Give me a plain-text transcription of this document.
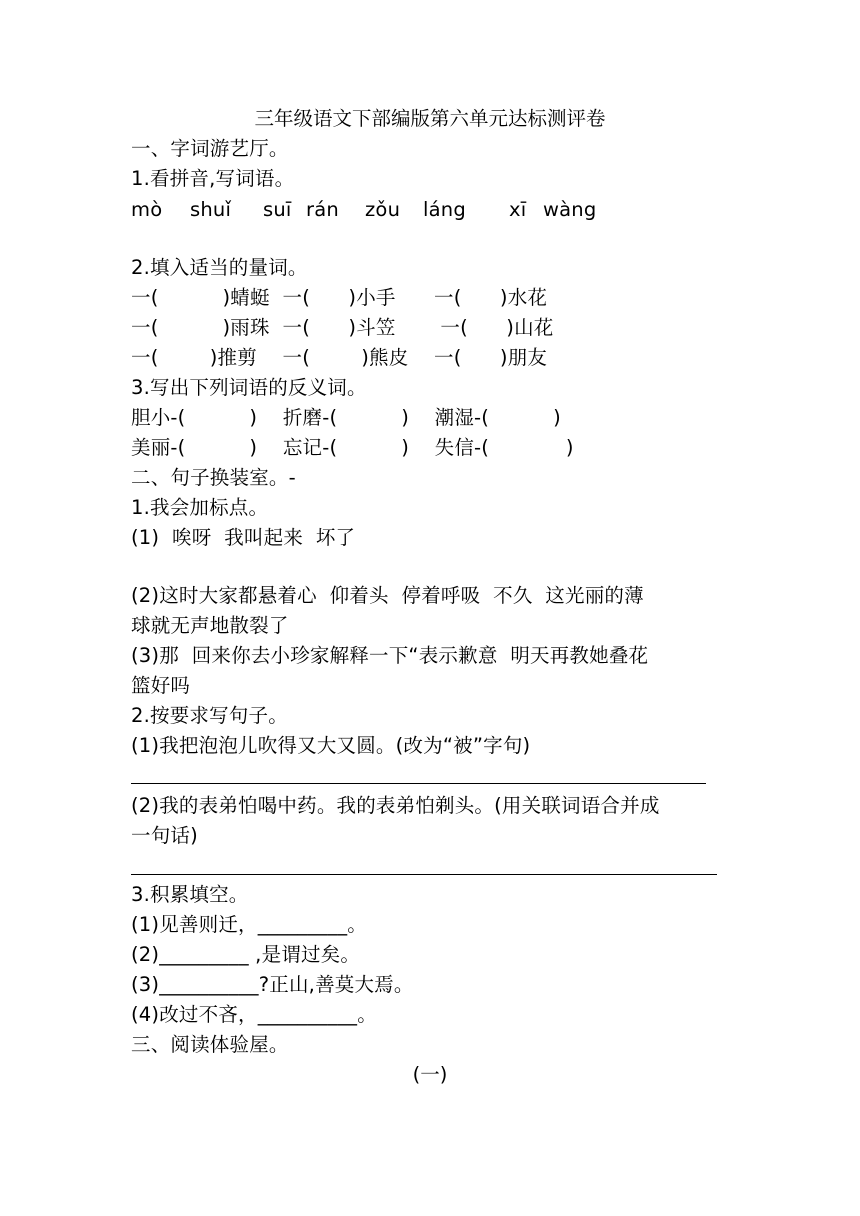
三年级语文下部编版第六单元达标测评卷
一、字词游艺厅。
1.看拼音,写词语。

mò

shuǐ

suī

rán

zǒu

láng

xī

wàng

2.填入适当的量词。
一(          )蜻蜓  一(      )小手      一(      )水花
一(          )雨珠  一(      )斗笠       一(      )山花
一(        )推剪    一(        )熊皮    一(      )朋友
3.写出下列词语的反义词。
胆小-(          )    折磨-(          )    潮湿-(          )
美丽-(          )    忘记-(          )    失信-(            )
二、句子换装室。-
1.我会加标点。
(1)  唉呀  我叫起来  坏了
(2)这时大家都悬着心  仰着头  停着呼吸  不久  这光丽的薄
球就无声地散裂了
(3)那  回来你去小珍家解释一下“表示歉意  明天再教她叠花
篮好吗
2.按要求写句子。
(1)我把泡泡儿吹得又大又圆。(改为“被”字句)
(2)我的表弟怕喝中药。我的表弟怕剃头。(用关联词语合并成
一句话)
3.积累填空。
(1)见善则迁，_________。
(2)_________ ,是谓过矣。
(3)__________?正山,善莫大焉。
(4)改过不吝，__________。
三、阅读体验屋。
(一)
